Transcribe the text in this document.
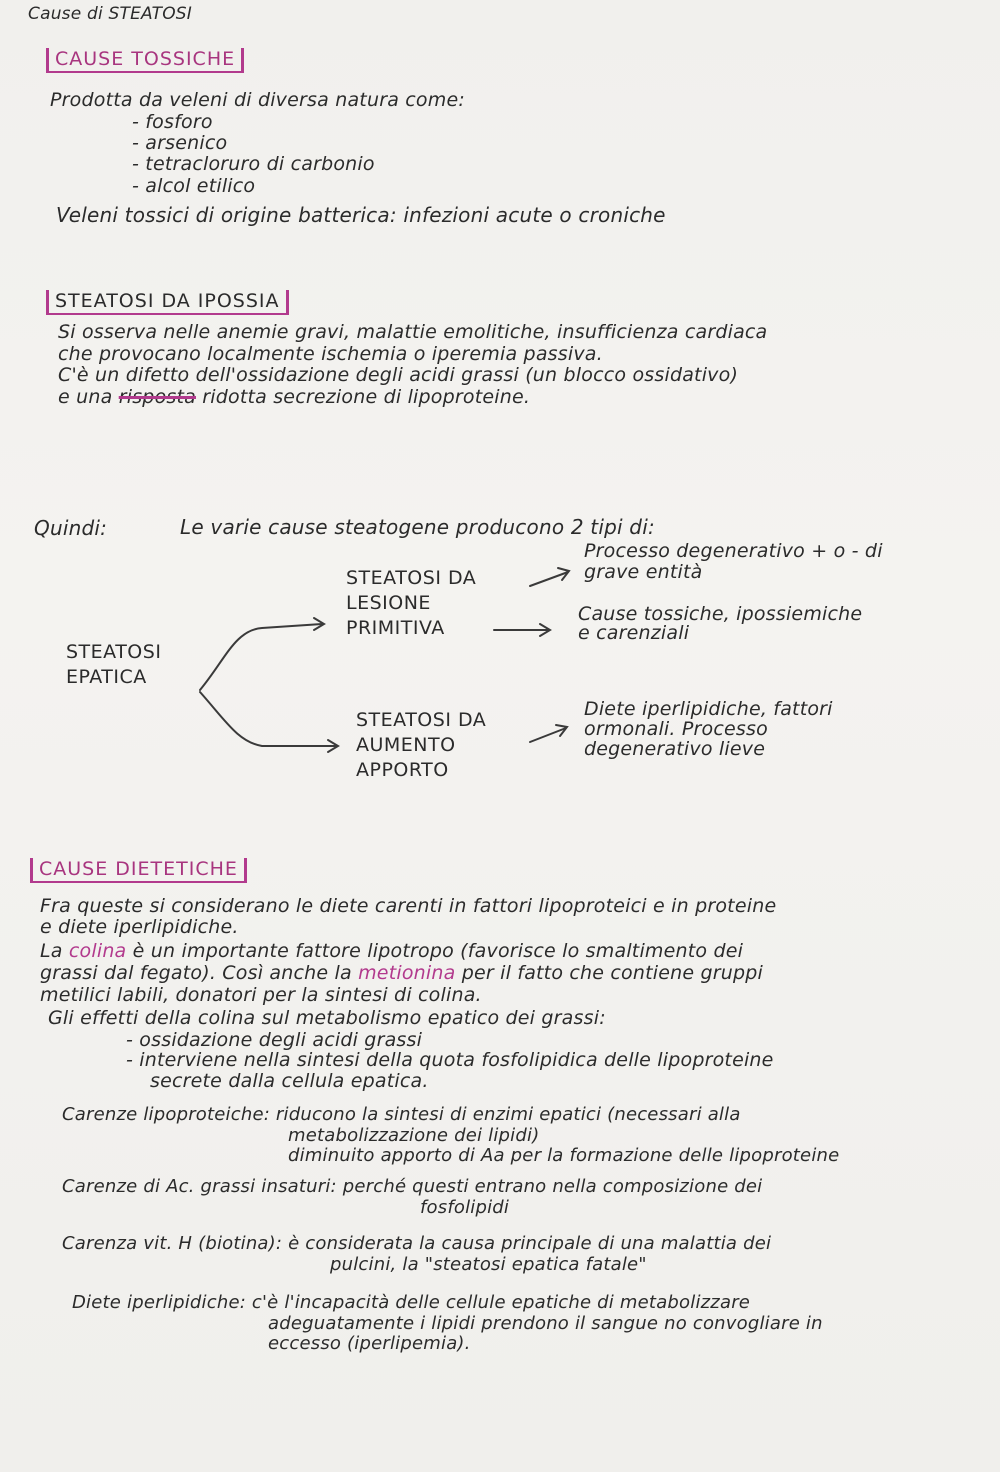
Cause di STEATOSI
CAUSE TOSSICHE
Prodotta da veleni di diversa natura come:
- fosforo
- arsenico
- tetracloruro di carbonio
- alcol etilico
Veleni tossici di origine batterica: infezioni acute o croniche
STEATOSI DA IPOSSIA
Si osserva nelle anemie gravi, malattie emolitiche, insufficienza cardiaca
che provocano localmente ischemia o iperemia passiva.
C'è un difetto dell'ossidazione degli acidi grassi (un blocco ossidativo)
e una risposta ridotta secrezione di lipoproteine.
Quindi:	Le varie cause steatogene producono 2 tipi di:
STEATOSI
EPATICA
STEATOSI DA
LESIONE
PRIMITIVA
STEATOSI DA
AUMENTO
APPORTO
Processo degenerativo + o - di
grave entità
Cause tossiche, ipossiemiche
e carenziali
Diete iperlipidiche, fattori
ormonali. Processo
degenerativo lieve
CAUSE DIETETICHE
Fra queste si considerano le diete carenti in fattori lipoproteici e in proteine
e diete iperlipidiche.
La colina è un importante fattore lipotropo (favorisce lo smaltimento dei
grassi dal fegato). Così anche la metionina per il fatto che contiene gruppi
metilici labili, donatori per la sintesi di colina.
Gli effetti della colina sul metabolismo epatico dei grassi:
- ossidazione degli acidi grassi
- interviene nella sintesi della quota fosfolipidica delle lipoproteine
secrete dalla cellula epatica.
Carenze lipoproteiche: riducono la sintesi di enzimi epatici (necessari alla
metabolizzazione dei lipidi)
diminuito apporto di Aa per la formazione delle lipoproteine
Carenze di Ac. grassi insaturi: perché questi entrano nella composizione dei
fosfolipidi
Carenza vit. H (biotina): è considerata la causa principale di una malattia dei
pulcini, la "steatosi epatica fatale"
Diete iperlipidiche: c'è l'incapacità delle cellule epatiche di metabolizzare
adeguatamente i lipidi prendono il sangue no convogliare in
eccesso (iperlipemia).
